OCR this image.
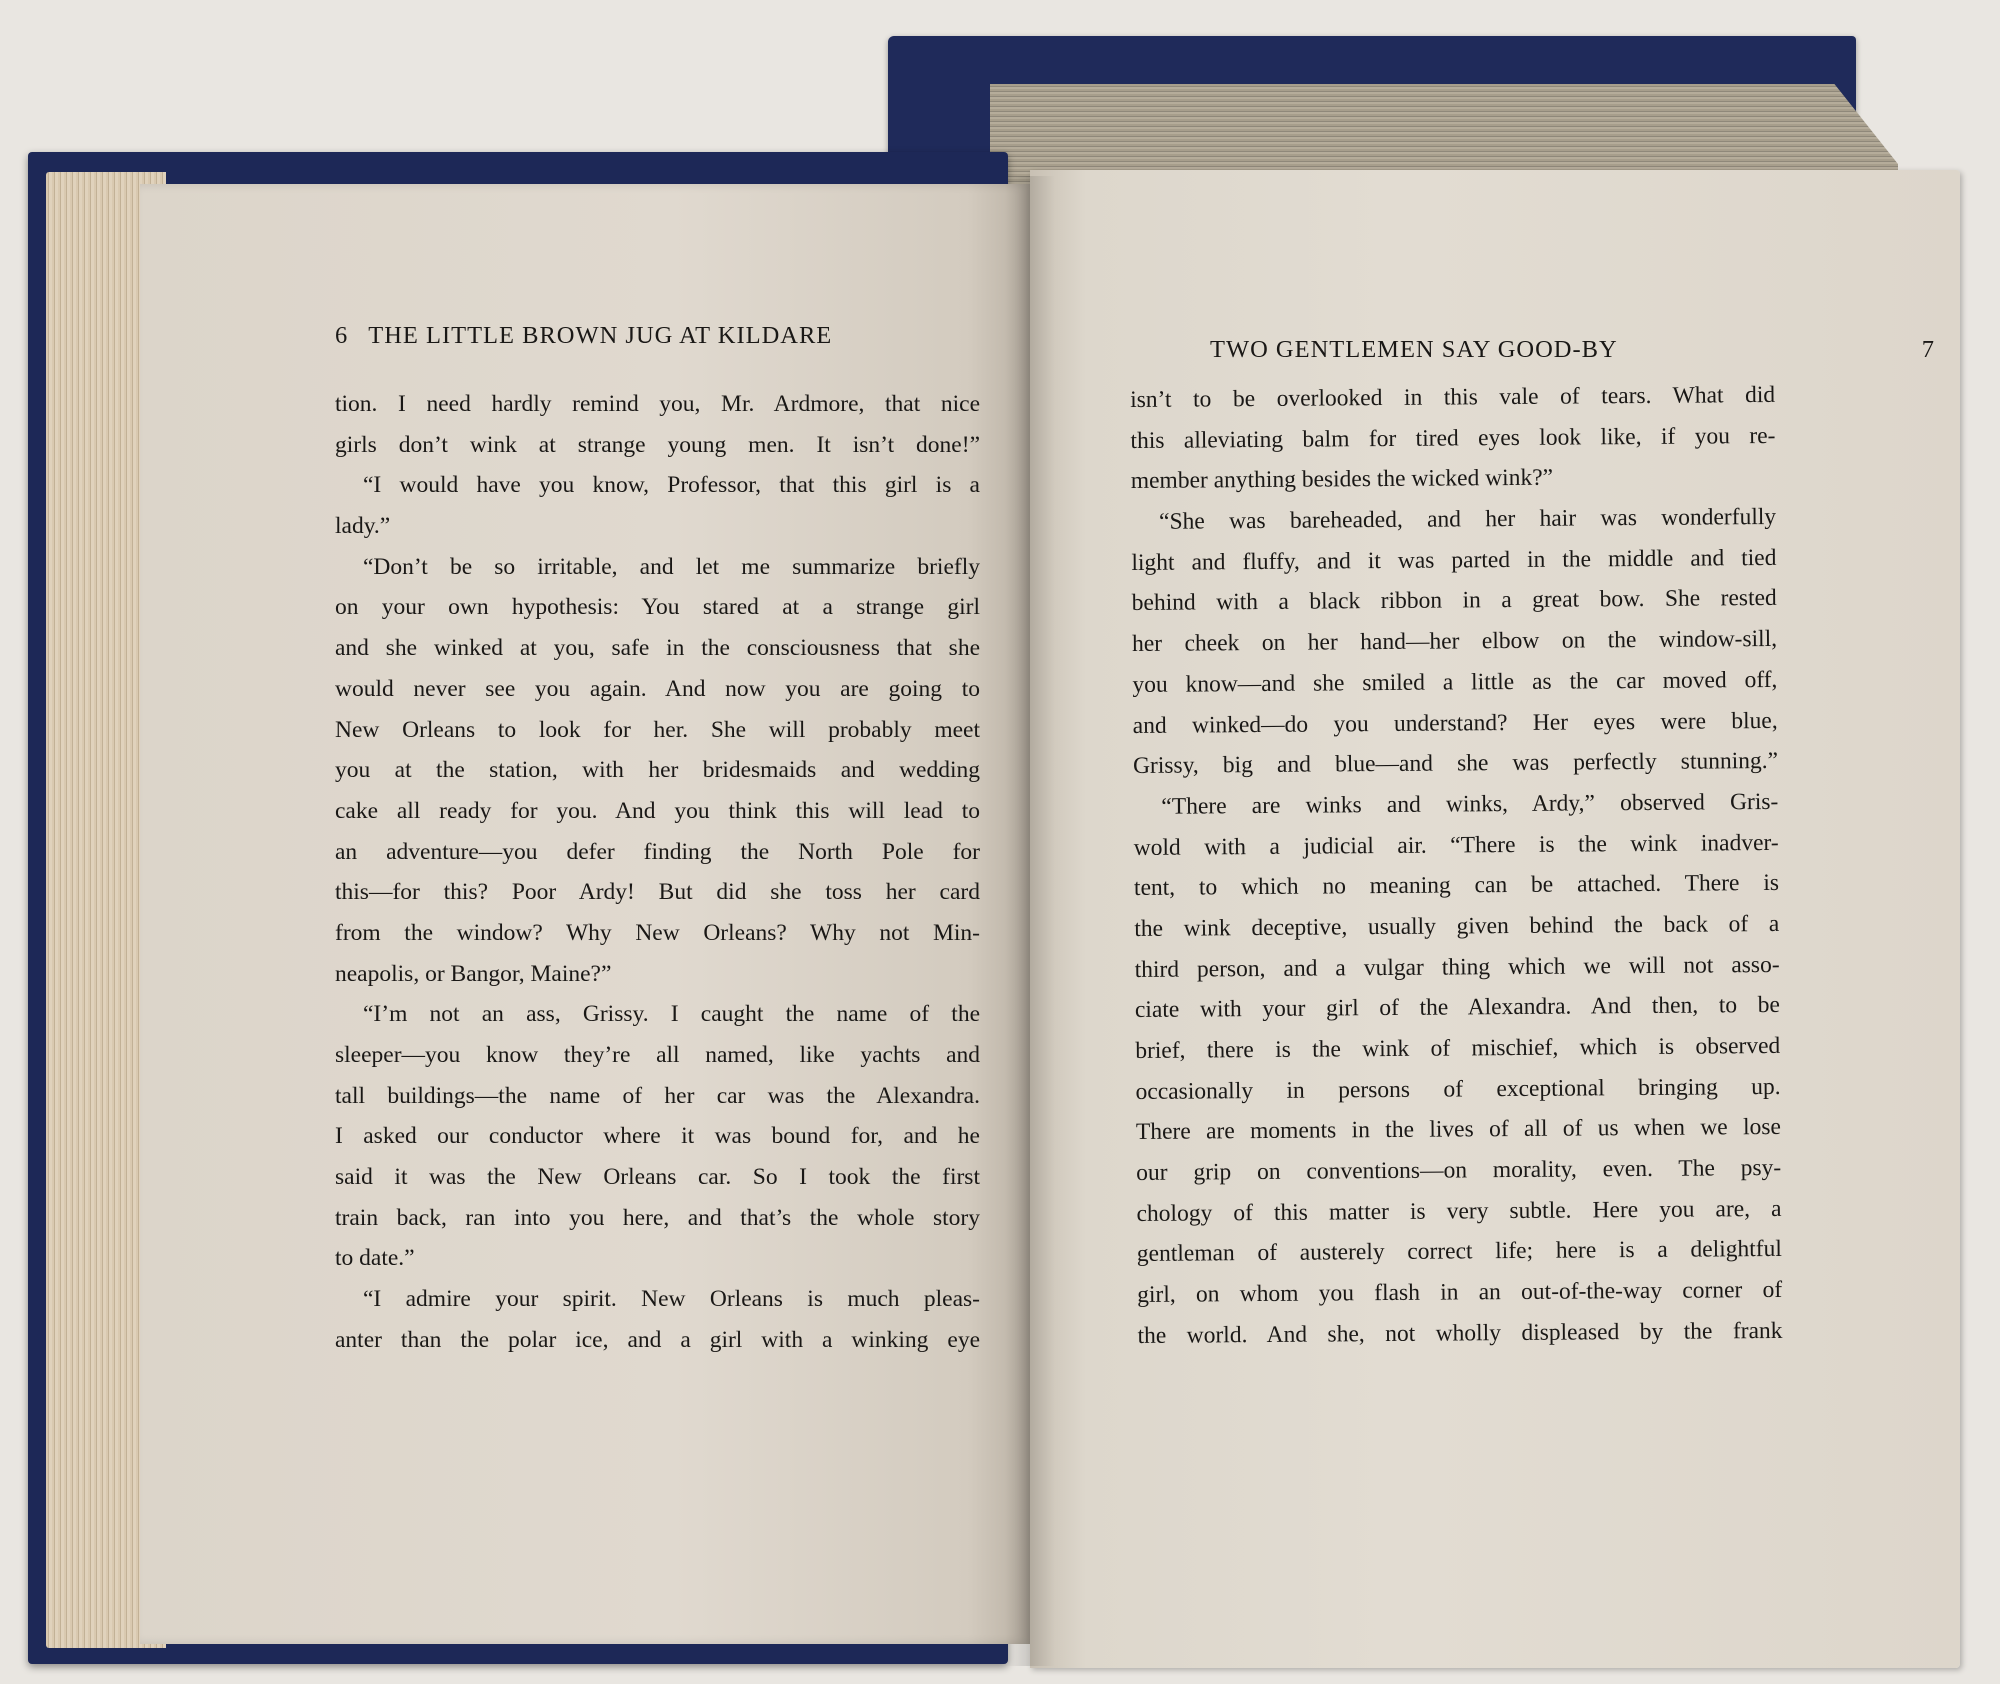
6 THE LITTLE BROWN JUG AT KILDARE
tion. I need hardly remind you, Mr. Ardmore, that nice
girls don’t wink at strange young men. It isn’t done!”
“I would have you know, Professor, that this girl is a
lady.”
“Don’t be so irritable, and let me summarize briefly
on your own hypothesis: You stared at a strange girl
and she winked at you, safe in the consciousness that she
would never see you again. And now you are going to
New Orleans to look for her. She will probably meet
you at the station, with her bridesmaids and wedding
cake all ready for you. And you think this will lead to
an adventure—you defer finding the North Pole for
this—for this? Poor Ardy! But did she toss her card
from the window? Why New Orleans? Why not Min-
neapolis, or Bangor, Maine?”
“I’m not an ass, Grissy. I caught the name of the
sleeper—you know they’re all named, like yachts and
tall buildings—the name of her car was the Alexandra.
I asked our conductor where it was bound for, and he
said it was the New Orleans car. So I took the first
train back, ran into you here, and that’s the whole story
to date.”
“I admire your spirit. New Orleans is much pleas-
anter than the polar ice, and a girl with a winking eye
TWO GENTLEMEN SAY GOOD-BY	7
isn’t to be overlooked in this vale of tears. What did
this alleviating balm for tired eyes look like, if you re-
member anything besides the wicked wink?”
“She was bareheaded, and her hair was wonderfully
light and fluffy, and it was parted in the middle and tied
behind with a black ribbon in a great bow. She rested
her cheek on her hand—her elbow on the window-sill,
you know—and she smiled a little as the car moved off,
and winked—do you understand? Her eyes were blue,
Grissy, big and blue—and she was perfectly stunning.”
“There are winks and winks, Ardy,” observed Gris-
wold with a judicial air. “There is the wink inadver-
tent, to which no meaning can be attached. There is
the wink deceptive, usually given behind the back of a
third person, and a vulgar thing which we will not asso-
ciate with your girl of the Alexandra. And then, to be
brief, there is the wink of mischief, which is observed
occasionally in persons of exceptional bringing up.
There are moments in the lives of all of us when we lose
our grip on conventions—on morality, even. The psy-
chology of this matter is very subtle. Here you are, a
gentleman of austerely correct life; here is a delightful
girl, on whom you flash in an out-of-the-way corner of
the world. And she, not wholly displeased by the frank
